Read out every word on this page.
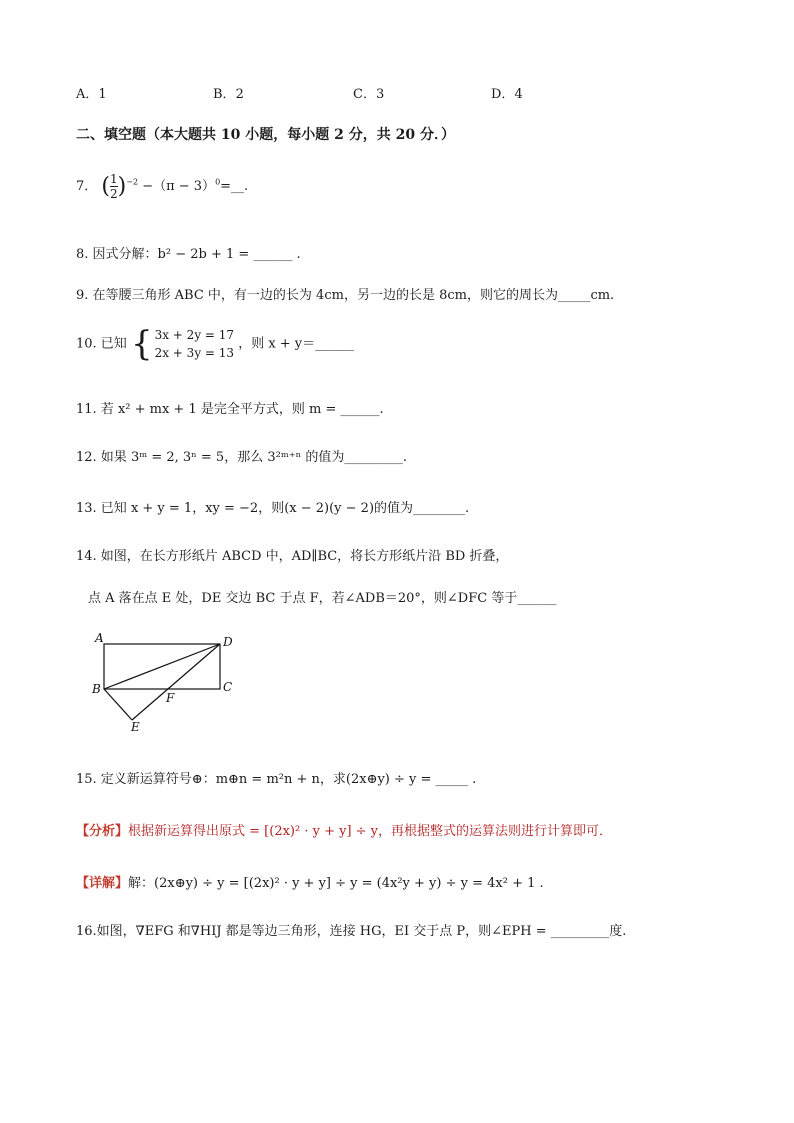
A．1	B．2	C．3	D．4
二、填空题（本大题共 10 小题，每小题 2 分，共 20 分．）
7． ( $\frac{1}{2} )^{-2} -(\pi$ − $3)^0=\_\_$.
8. 因式分解：b² − 2b + 1 = ______ .
9. 在等腰三角形 ABC 中，有一边的长为 4cm，另一边的长是 8cm，则它的周长为_____cm.
10. 已知 { 3x + 2y = 17
2x + 3y = 13
，则 x + y＝______
11. 若 x² + mx + 1 是完全平方式，则 m = ______.
12. 如果 3ᵐ = 2, 3ⁿ = 5，那么 3²ᵐ⁺ⁿ 的值为_________.
13. 已知 x + y = 1，xy = −2，则(x − 2)(y − 2)的值为________.
14. 如图，在长方形纸片 ABCD 中，AD∥BC，将长方形纸片沿 BD 折叠，
点 A 落在点 E 处，DE 交边 BC 于点 F，若∠ADB＝20°，则∠DFC 等于______
A	D
B	C
F
E
15. 定义新运算符号⊕：m⊕n = m²n + n，求(2x⊕y) ÷ y = _____ .
【分析】根据新运算得出原式 = [(2x)² · y + y] ÷ y，再根据整式的运算法则进行计算即可．
【详解】解：(2x⊕y) ÷ y = [(2x)² · y + y] ÷ y = (4x²y + y) ÷ y = 4x² + 1 .
16.如图，∇EFG 和∇HIJ 都是等边三角形，连接 HG，EI 交于点 P，则∠EPH = _________度.
